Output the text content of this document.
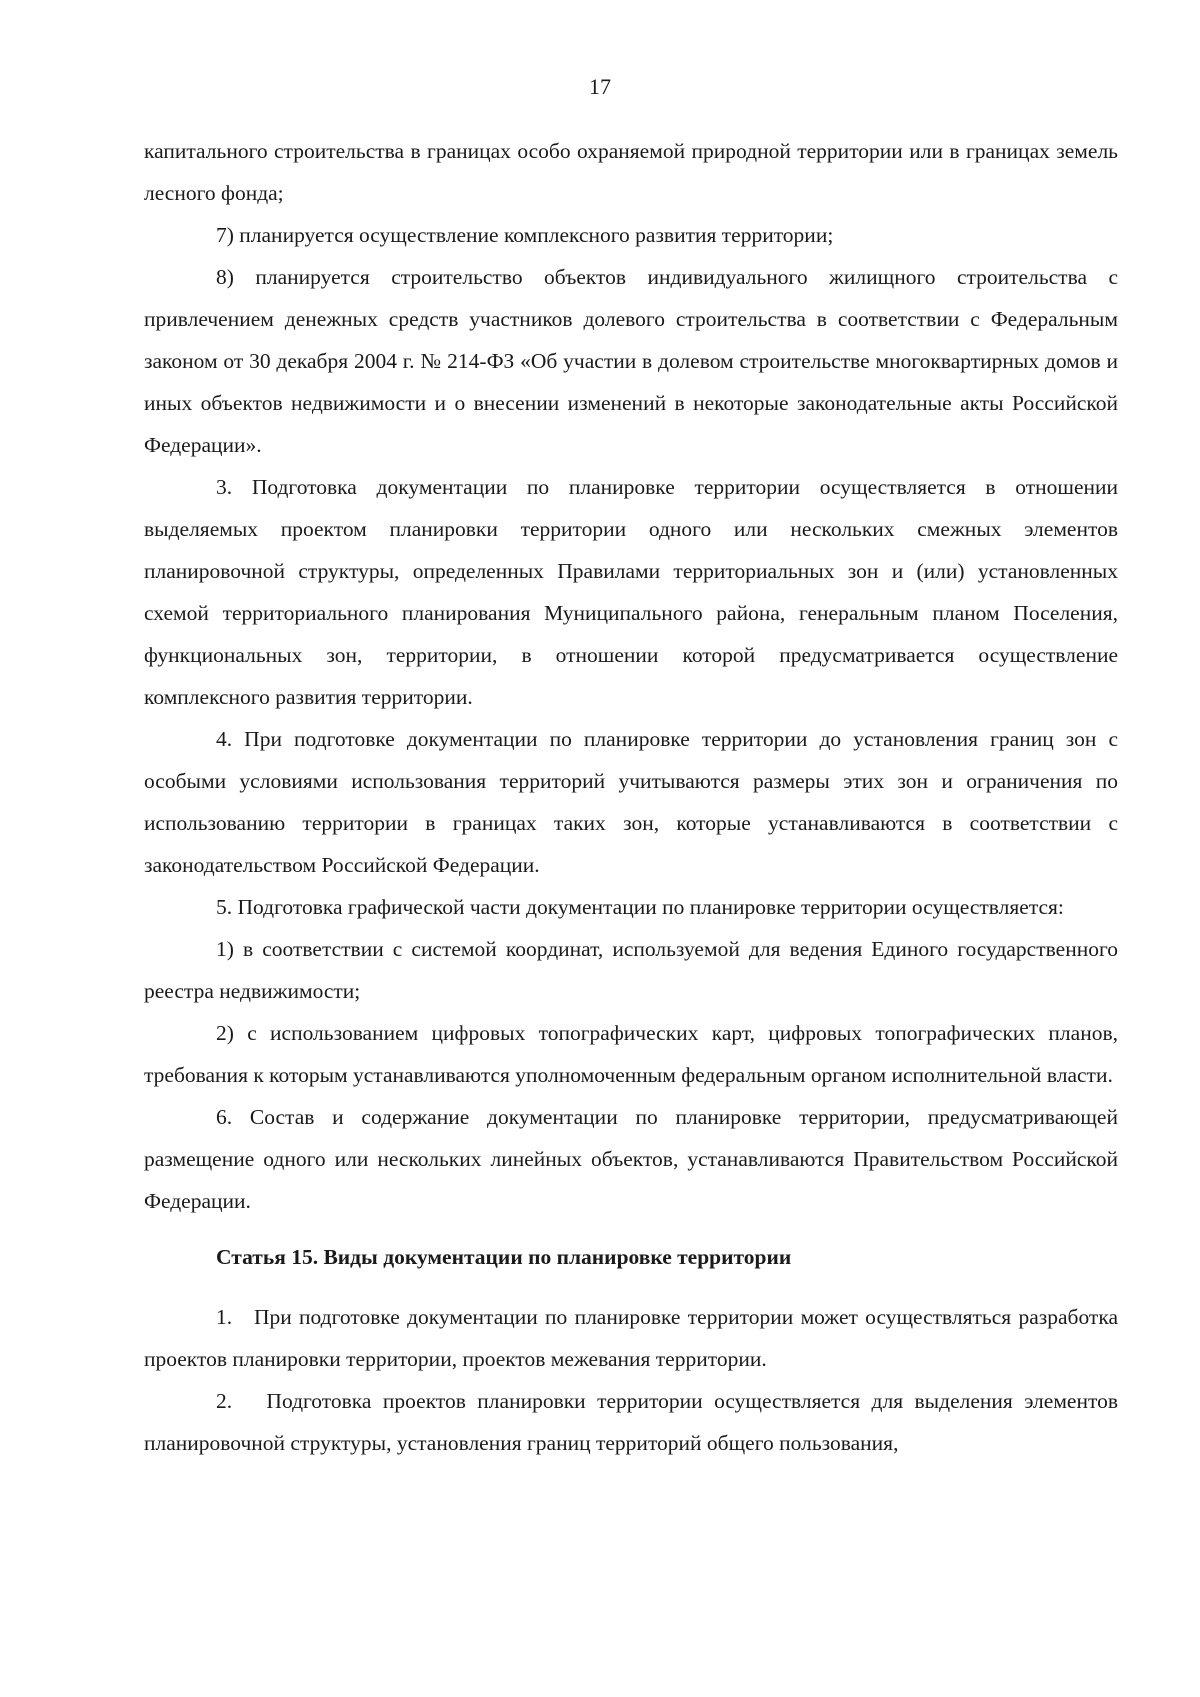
17

капитального строительства в границах особо охраняемой природной территории или в границах земель лесного фонда;

7) планируется осуществление комплексного развития территории;

8) планируется строительство объектов индивидуального жилищного строительства с привлечением денежных средств участников долевого строительства в соответствии с Федеральным законом от 30 декабря 2004 г. № 214-ФЗ «Об участии в долевом строительстве многоквартирных домов и иных объектов недвижимости и о внесении изменений в некоторые законодательные акты Российской Федерации».

3. Подготовка документации по планировке территории осуществляется в отношении выделяемых проектом планировки территории одного или нескольких смежных элементов планировочной структуры, определенных Правилами территориальных зон и (или) установленных схемой территориального планирования Муниципального района, генеральным планом Поселения, функциональных зон, территории, в отношении которой предусматривается осуществление комплексного развития территории.

4. При подготовке документации по планировке территории до установления границ зон с особыми условиями использования территорий учитываются размеры этих зон и ограничения по использованию территории в границах таких зон, которые устанавливаются в соответствии с законодательством Российской Федерации.

5. Подготовка графической части документации по планировке территории осуществляется:

1) в соответствии с системой координат, используемой для ведения Единого государственного реестра недвижимости;

2) с использованием цифровых топографических карт, цифровых топографических планов, требования к которым устанавливаются уполномоченным федеральным органом исполнительной власти.

6. Состав и содержание документации по планировке территории, предусматривающей размещение одного или нескольких линейных объектов, устанавливаются Правительством Российской Федерации.

Статья 15. Виды документации по планировке территории

1.   При подготовке документации по планировке территории может осуществляться разработка проектов планировки территории, проектов межевания территории.

2.   Подготовка проектов планировки территории осуществляется для выделения элементов планировочной структуры, установления границ территорий общего пользования,
